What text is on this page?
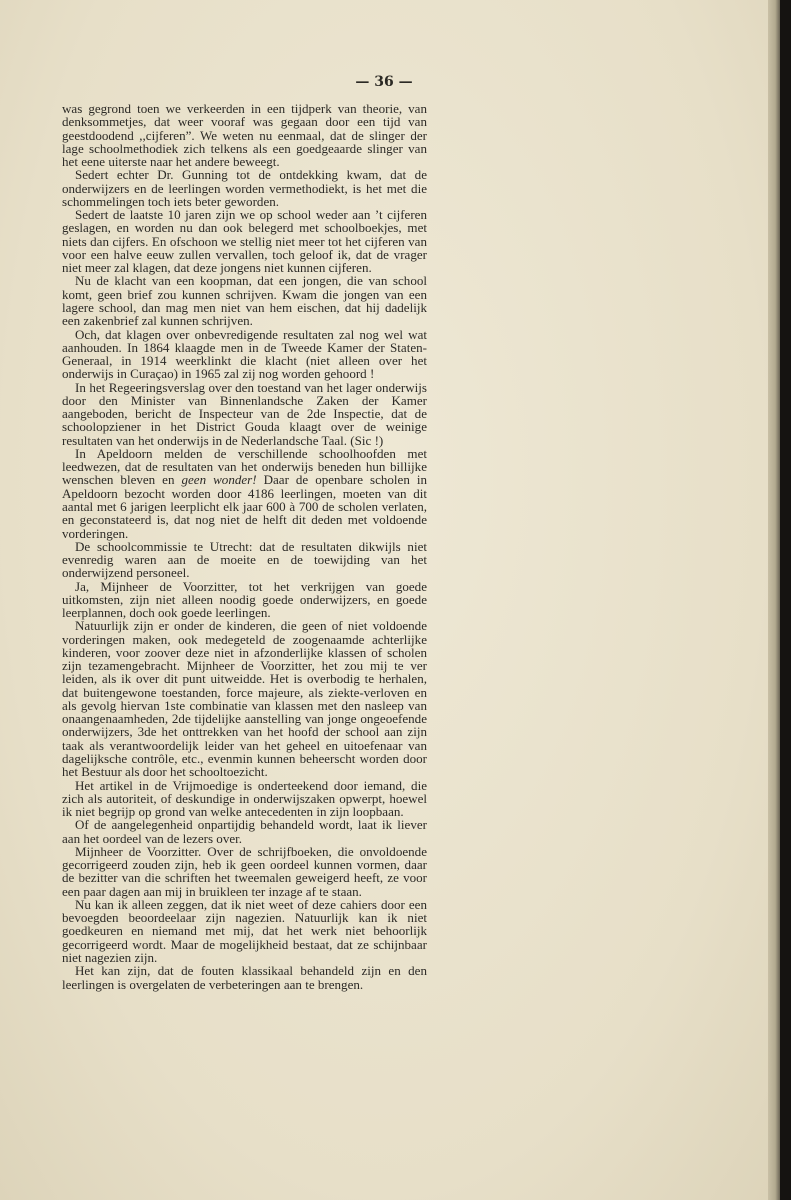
— 36 —

was gegrond toen we verkeerden in een tijdperk van theorie, van denksommetjes, dat weer vooraf was gegaan door een tijd van geestdoodend ,,cijferen”. We weten nu eenmaal, dat de slinger der lage schoolmethodiek zich telkens als een goedgeaarde slinger van het eene uiterste naar het andere beweegt.

Sedert echter Dr. Gunning tot de ontdekking kwam, dat de onderwijzers en de leerlingen worden vermethodiekt, is het met die schommelingen toch iets beter geworden.

Sedert de laatste 10 jaren zijn we op school weder aan ’t cijferen geslagen, en worden nu dan ook belegerd met schoolboekjes, met niets dan cijfers. En ofschoon we stellig niet meer tot het cijferen van voor een halve eeuw zullen vervallen, toch geloof ik, dat de vrager niet meer zal klagen, dat deze jongens niet kunnen cijferen.

Nu de klacht van een koopman, dat een jongen, die van school komt, geen brief zou kunnen schrijven. Kwam die jongen van een lagere school, dan mag men niet van hem eischen, dat hij dadelijk een zakenbrief zal kunnen schrijven.

Och, dat klagen over onbevredigende resultaten zal nog wel wat aanhouden. In 1864 klaagde men in de Tweede Kamer der Staten-Generaal, in 1914 weerklinkt die klacht (niet alleen over het onderwijs in Curaçao) in 1965 zal zij nog worden gehoord !

In het Regeeringsverslag over den toestand van het lager onderwijs door den Minister van Binnenlandsche Zaken der Kamer aangeboden, bericht de Inspecteur van de 2de Inspectie, dat de schoolopziener in het District Gouda klaagt over de weinige resultaten van het onderwijs in de Nederlandsche Taal. (Sic !)

In Apeldoorn melden de verschillende schoolhoofden met leedwezen, dat de resultaten van het onderwijs beneden hun billijke wenschen bleven en geen wonder! Daar de openbare scholen in Apeldoorn bezocht worden door 4186 leerlingen, moeten van dit aantal met 6 jarigen leerplicht elk jaar 600 à 700 de scholen verlaten, en geconstateerd is, dat nog niet de helft dit deden met voldoende vorderingen.

De schoolcommissie te Utrecht: dat de resultaten dikwijls niet evenredig waren aan de moeite en de toewijding van het onderwijzend personeel.

Ja, Mijnheer de Voorzitter, tot het verkrijgen van goede uitkomsten, zijn niet alleen noodig goede onderwijzers, en goede leerplannen, doch ook goede leerlingen.

Natuurlijk zijn er onder de kinderen, die geen of niet voldoende vorderingen maken, ook medegeteld de zoogenaamde achterlijke kinderen, voor zoover deze niet in afzonderlijke klassen of scholen zijn tezamengebracht. Mijnheer de Voorzitter, het zou mij te ver leiden, als ik over dit punt uitweidde. Het is overbodig te herhalen, dat buitengewone toestanden, force majeure, als ziekte-verloven en als gevolg hiervan 1ste combinatie van klassen met den nasleep van onaangenaamheden, 2de tijdelijke aanstelling van jonge ongeoefende onderwijzers, 3de het onttrekken van het hoofd der school aan zijn taak als verantwoordelijk leider van het geheel en uitoefenaar van dagelijksche contrôle, etc., evenmin kunnen beheerscht worden door het Bestuur als door het schooltoezicht.

Het artikel in de Vrijmoedige is onderteekend door iemand, die zich als autoriteit, of deskundige in onderwijszaken opwerpt, hoewel ik niet begrijp op grond van welke antecedenten in zijn loopbaan.

Of de aangelegenheid onpartijdig behandeld wordt, laat ik liever aan het oordeel van de lezers over.

Mijnheer de Voorzitter. Over de schrijfboeken, die onvoldoende gecorrigeerd zouden zijn, heb ik geen oordeel kunnen vormen, daar de bezitter van die schriften het tweemalen geweigerd heeft, ze voor een paar dagen aan mij in bruikleen ter inzage af te staan.

Nu kan ik alleen zeggen, dat ik niet weet of deze cahiers door een bevoegden beoordeelaar zijn nagezien. Natuurlijk kan ik niet goedkeuren en niemand met mij, dat het werk niet behoorlijk gecorrigeerd wordt. Maar de mogelijkheid bestaat, dat ze schijnbaar niet nagezien zijn.

Het kan zijn, dat de fouten klassikaal behandeld zijn en den leerlingen is overgelaten de verbeteringen aan te brengen.
